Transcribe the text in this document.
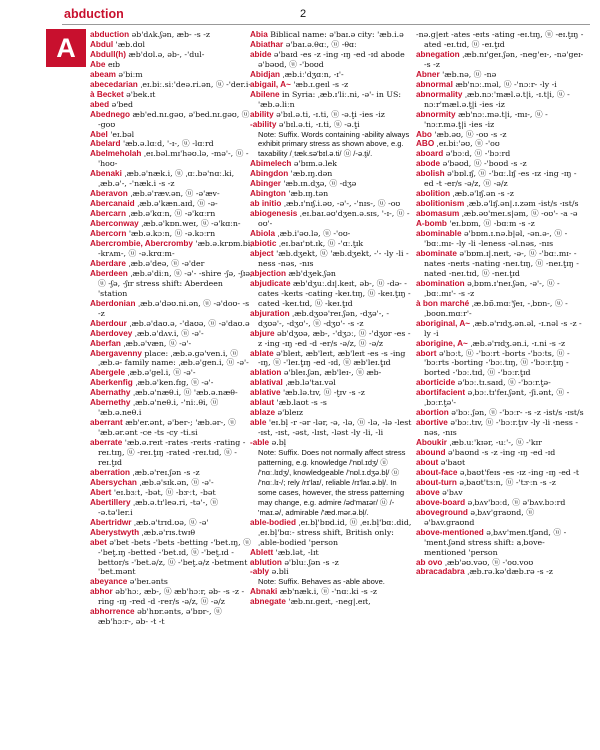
abduction	2
A	abduction əb'dʌk.ʃən, æb- -s -z
Abdul 'æb.dʊl
Abdull(h) æb'dʊl.ə, əb-, -'dul-
Abe eɪb
abeam ə'biːm
abecedarian ˌeɪ.biː.siː'deə.ri.ən, ⓤ -'der.i-
à Becket ə'bek.ɪt
abed ə'bed
Abednego æb'ed.nɪ.gəʊ, ə'bed.nɪ.gəʊ, ⓤ -goʊ
Abel 'eɪ.bəl
Abelard 'æb.ə.lɑːd, '-ɪ-, ⓤ -lɑːrd
Abelmeholah ˌeɪ.bəl.mɪ'həʊ.lə, -mə'-, ⓤ -'hoʊ-
Abenaki ˌæb.ə'næk.i, ⓤ ˌɑː.bə'nɑː.ki, ˌæb.ə'-, -'næk.i -s -z
Aberavon ˌæb.ə'ræv.ən, ⓤ -ə'æv-
Abercanaid ˌæb.ə'kæn.aɪd, ⓤ -ə-
Abercarn ˌæb.ə'kɑːn, ⓤ -ə'kɑːrn
Aberconway ˌæb.ə'kɒn.weɪ, ⓤ -ə'kɑːn-
Abercorn 'æb.ə.kɔːn, ⓤ -ə.kɔːrn
Abercrombie, Abercromby 'æb.ə.krɒm.bi, -krʌm-, ⓤ -ə.krɑːm-
Aberdare ˌæb.ə'deə, ⓤ -ə'der
Aberdeen ˌæb.ə'diːn, ⓤ -ə'- -shire -ʃə, -ʃɪə, ⓤ -ʃə, -ʃɪr stress shift: Aberdeen 'station
Aberdonian ˌæb.ə'dəʊ.ni.ən, ⓤ -ə'doʊ- -s -z
Aberdour ˌæb.ə'daʊ.ə, -'daʊə, ⓤ -ə'daʊ.ə
Aberdovey ˌæb.ə'dʌv.i, ⓤ -ə'-
Aberfan ˌæb.ə'væn, ⓤ -ə'-
Abergavenny place: ˌæb.ə.gə'ven.i, ⓤ ˌæb.ə- family name: ˌæb.ə'gen.i, ⓤ -ə'-
Abergele ˌæb.ə'gel.i, ⓤ -ə'-
Aberkenfig ˌæb.ə'ken.fɪg, ⓤ -ə'-
Abernathy ˌæb.ə'næθ.i, ⓤ 'æb.ə.næθ-
Abernethy ˌæb.ə'neθ.i, -'niː.θi, ⓤ 'æb.ə.neθ.i
aberrant æb'er.ənt, ə'ber-; 'æb.ər-, ⓤ 'æb.ər.ənt -ce -ts -cy -ti.si
aberrate 'æb.ə.reɪt -rates -reɪts -rating -reɪ.tɪŋ, ⓤ -reɪ.t̬ɪŋ -rated -reɪ.tɪd, ⓤ -reɪ.t̬ɪd
aberration ˌæb.ə'reɪ.ʃən -s -z
Abersychan ˌæb.ə'sɪk.ən, ⓤ -ə'-
Abert 'eɪ.bɜːt, -bət, ⓤ -bɝːt, -bət
Abertillery ˌæb.ə.tɪ'leə.ri, -tə'-, ⓤ -ə.tə'ler.i
Abertridwr ˌæb.ə'trɪd.ʊə, ⓤ -ə'
Aberystwyth ˌæb.ə'rɪs.twɪθ
abet ə'bet -bets -'bets -betting -'bet.ɪŋ, ⓤ -'bet̬.ɪŋ -betted -'bet.ɪd, ⓤ -'bet̬.ɪd -bettor/s -'bet.ə/z, ⓤ -'bet̬.ə/z -betment -'bet.mənt
abeyance ə'beɪ.ənts
abhor əb'hɔː, æb-, ⓤ æb'hɔːr, əb- -s -z -ring -ɪŋ -red -d -rer/s -ə/z, ⓤ -ə/z
abhorrence əb'hɒr.ənts, ə'bɒr-, ⓤ æb'hɔːr-, əb- -t -t
Abia Biblical name: ə'baɪ.ə city: 'æb.i.ə
Abiathar ə'baɪ.ə.θɑː, ⓤ -θɑː
abide ə'baɪd -es -z -ing -ɪŋ -ed -ɪd abode ə'bəʊd, ⓤ -'boʊd
Abidjan ˌæb.iː'dʒɑːn, -ɪ'-
abigail, A~ 'æb.ɪ.geɪl -s -z
Abilene in Syria: ˌæb.ɪ'liː.ni, -ə'- in US: 'æb.ə.liːn
ability ə'bɪl.ə.ti, -ɪ.ti, ⓤ -ə.t̬i -ies -iz
-ability ə'bɪl.ə.ti, -ɪ.ti, ⓤ -ə.t̬i
Note: Suffix. Words containing -ability always exhibit primary stress as shown above, e.g. taxability /ˌtæk.sə'bɪl.ə.ti/ ⓤ /-ə.t̬i/.
Abimelech ə'bɪm.ə.lek
Abingdon 'æb.ɪŋ.dən
Abinger 'æb.ɪn.dʒə, ⓤ -dʒə
Abington 'æb.ɪŋ.tən
ab initio ˌæb.ɪ'nɪʃ.i.əʊ, -ə'-, -'nɪs-, ⓤ -oʊ
abiogenesis ˌeɪ.baɪ.əʊ'dʒen.ə.sɪs, '-ɪ-, ⓤ -oʊ'-
Abiola ˌæb.i'əʊ.lə, ⓤ -'oʊ-
abiotic ˌeɪ.baɪ'ɒt.ɪk, ⓤ -'ɑː.t̬ɪk
abject 'æb.dʒekt, ⓤ 'æb.dʒekt, -'- -ly -li -ness -nəs, -nɪs
abjection æb'dʒek.ʃən
abjudicate æb'dʒuː.dɪ|.keɪt, əb-, ⓤ -də- -cates -keɪts -cating -keɪ.tɪŋ, ⓤ -keɪ.t̬ɪŋ -cated -keɪ.tɪd, ⓤ -keɪ.t̬ɪd
abjuration ˌæb.dʒʊə'reɪ.ʃən, -dʒə'-, -dʒʊə'-, -dʒʊ'-, ⓤ -dʒʊ'- -s -z
abjure əb'dʒʊə, æb-, -'dʒɔː, ⓤ -'dʒʊr -es -z -ing -ɪŋ -ed -d -er/s -ə/z, ⓤ -ə/z
ablate ə'bleɪt, æb'leɪt, æb'leɪt -es -s -ing -ɪŋ, ⓤ -'leɪ.t̬ɪŋ -ed -ɪd, ⓤ æb'leɪ.t̬ɪd
ablation ə'bleɪ.ʃən, æb'leɪ-, ⓤ æb-
ablatival ˌæb.lə'taɪ.vəl
ablative 'æb.lə.tɪv, ⓤ -t̬ɪv -s -z
ablaut 'æb.laʊt -s -s
ablaze ə'bleɪz
able 'eɪ.bl̩ -r -ər -lər, -ə, -lə, ⓤ -lə, -lə -lest -ɪst, -ɪst, -əst, -lɪst, -ləst -ly -li, -li
-able ə.bl̩
Note: Suffix. Does not normally affect stress patterning, e.g. knowledge /'nɒl.ɪdʒ/ ⓤ /'nɑː.lɪdʒ/, knowledgeable /'nɒl.ɪ.dʒə.bl̩/ ⓤ /'nɑː.lɪ-/; rely /rɪ'laɪ/, reliable /rɪ'laɪ.ə.bl̩/. In some cases, however, the stress patterning may change, e.g. admire /əd'maɪər/ ⓤ /-'maɪ.ə/, admirable /'æd.mər.ə.bl̩/.
able-bodied ˌeɪ.bl̩'bɒd.id, ⓤ ˌeɪ.bl̩'bɑː.did, ˌeɪ.bl̩'bɑː- stress shift, British only: ˌable-bodied 'person
Ablett 'æb.lət, -lɪt
ablution ə'bluː.ʃən -s -z
-ably ə.bli
Note: Suffix. Behaves as -able above.
Abnaki æb'næk.i, ⓤ -'nɑː.ki -s -z
abnegate 'æb.nɪ.geɪt, -neɡ|.eɪt,
-nə.g|eɪt -ates -eɪts -ating -eɪ.tɪŋ, ⓤ -eɪ.t̬ɪŋ -ated -eɪ.tɪd, ⓤ -eɪ.t̬ɪd
abnegation ˌæb.nɪ'geɪ.ʃən, -neg'eɪ-, -nə'geɪ- -s -z
Abner 'æb.nə, ⓤ -nə
abnormal æb'nɔː.məl, ⓤ -'nɔːr- -ly -i
abnormality ˌæb.nɔː'mæl.ə.t|i, -ɪ.t|i, ⓤ -nɔːr'mæl.ə.t̬|i -ies -iz
abnormity æb'nɔː.mə.t|i, -mɪ-, ⓤ -'nɔːr.mə.t̬|i -ies -iz
Abo 'æb.əʊ, ⓤ -oʊ -s -z
ABO ˌeɪ.biː'əʊ, ⓤ -'oʊ
aboard ə'bɔːd, ⓤ -'bɔːrd
abode ə'bəʊd, ⓤ -'boʊd -s -z
abolish ə'bɒl.ɪʃ, ⓤ -'bɑː.lɪʃ -es -ɪz -ing -ɪŋ -ed -t -er/s -ə/z, ⓤ -ə/z
abolition ˌæb.ə'lɪʃ.ən -s -z
abolitionism ˌæb.ə'lɪʃ.ən|.ɪ.zəm -ist/s -ɪst/s
abomasum ˌæb.əʊ'meɪ.s|əm, ⓤ -oʊ'- -a -ə
A-bomb 'eɪ.bɒm, ⓤ -bɑːm -s -z
abominable ə'bɒm.ɪ.nə.b|əl, -ən.ə-, ⓤ -'bɑː.mɪ- -ly -li -leness -əl.nəs, -nɪs
abominate ə'bɒm.ɪ|.neɪt, -ə-, ⓤ -'bɑː.mɪ- -nates -neɪts -nating -neɪ.tɪŋ, ⓤ -neɪ.t̬ɪŋ -nated -neɪ.tɪd, ⓤ -neɪ.t̬ɪd
abomination əˌbɒm.ɪ'neɪ.ʃən, -ə'-, ⓤ -ˌbɑː.mɪ'- -s -z
à bon marché ˌæ.bɒ̃.mɑː'ʃeɪ, -ˌbɒn-, ⓤ -ˌboʊn.mɑːr'-
aboriginal, A~ ˌæb.ə'rɪdʒ.ən.əl, -ɪ.nəl -s -z -ly -i
aborigine, A~ ˌæb.ə'rɪdʒ.ən.i, -ɪ.ni -s -z
abort ə'bɔːt, ⓤ -'bɔːrt -borts -'bɔːts, ⓤ -'bɔːrts -borting -'bɔː.tɪŋ, ⓤ -'bɔːr.t̬ɪŋ -borted -'bɔː.tɪd, ⓤ -'bɔːr.t̬ɪd
aborticide ə'bɔː.tɪ.saɪd, ⓤ -'bɔːr.t̬ə-
abortifacient əˌbɔː.tɪ'feɪ.ʃənt, -ʃi.ənt, ⓤ -ˌbɔːr.t̬ə'-
abortion ə'bɔː.ʃən, ⓤ -'bɔːr- -s -z -ist/s -ɪst/s
abortive ə'bɔː.tɪv, ⓤ -'bɔːr.t̬ɪv -ly -li -ness -nəs, -nɪs
Aboukir ˌæb.uː'kɪər, -uː'-, ⓤ -'kɪr
abound ə'baʊnd -s -z -ing -ɪŋ -ed -ɪd
about ə'baʊt
about-face əˌbaʊt'feɪs -es -ɪz -ing -ɪŋ -ed -t
about-turn əˌbaʊt'tɜːn, ⓤ -'tɝːn -s -z
above ə'bʌv
above-board əˌbʌv'bɔːd, ⓤ ə'bʌv.bɔːrd
aboveground əˌbʌv'graʊnd, ⓤ ə'bʌv.graʊnd
above-mentioned əˌbʌv'men.tʃənd, ⓤ -'ment.ʃənd stress shift: aˌbove-mentioned 'person
ab ovo ˌæb'əʊ.vəʊ, ⓤ -'oʊ.voʊ
abracadabra ˌæb.rə.kə'dæb.rə -s -z
